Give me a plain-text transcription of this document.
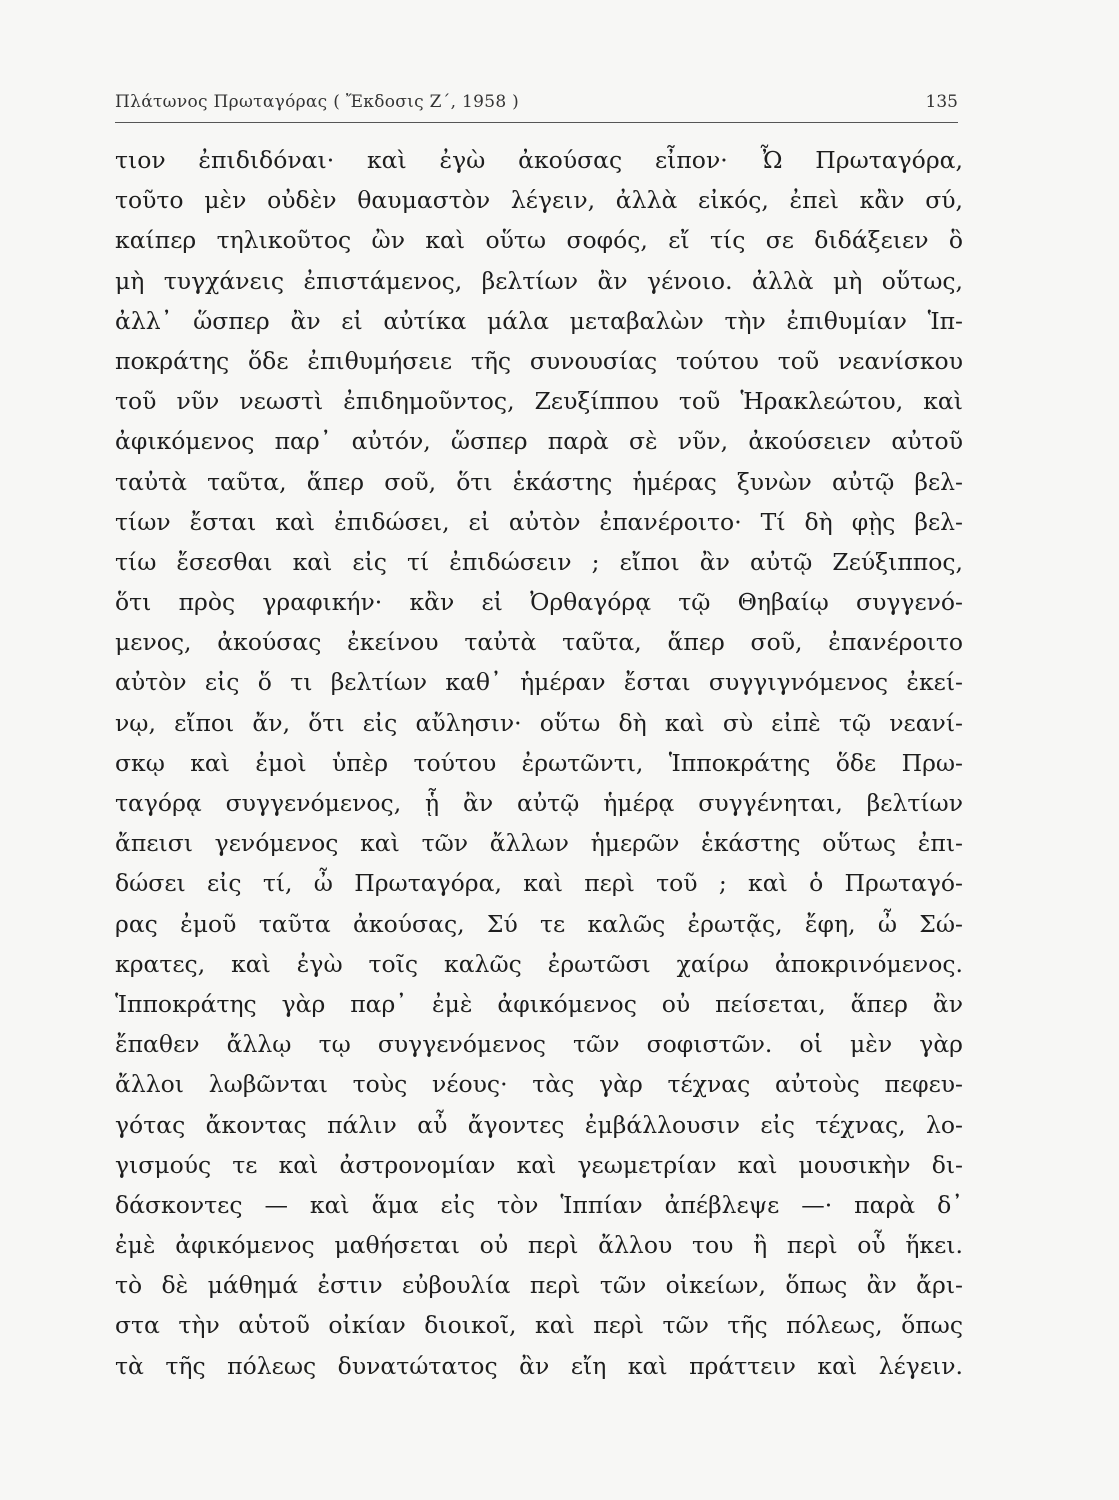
Πλάτωνος Πρωταγόρας ( Ἔκδοσις Ζ΄, 1958 )	135
τιον ἐπιδιδόναι· καὶ ἐγὼ ἀκούσας εἶπον· Ὦ Πρωταγόρα,
τοῦτο μὲν οὐδὲν θαυμαστὸν λέγειν, ἀλλὰ εἰκός, ἐπεὶ κἂν σύ,
καίπερ τηλικοῦτος ὢν καὶ οὕτω σοφός, εἴ τίς σε διδάξειεν ὃ
μὴ τυγχάνεις ἐπιστάμενος, βελτίων ἂν γένοιο. ἀλλὰ μὴ οὕτως,
ἀλλ᾽ ὥσπερ ἂν εἰ αὐτίκα μάλα μεταβαλὼν τὴν ἐπιθυμίαν Ἱπ-
ποκράτης ὅδε ἐπιθυμήσειε τῆς συνουσίας τούτου τοῦ νεανίσκου
τοῦ νῦν νεωστὶ ἐπιδημοῦντος, Ζευξίππου τοῦ Ἡρακλεώτου, καὶ
ἀφικόμενος παρ᾽ αὐτόν, ὥσπερ παρὰ σὲ νῦν, ἀκούσειεν αὐτοῦ
ταὐτὰ ταῦτα, ἅπερ σοῦ, ὅτι ἑκάστης ἡμέρας ξυνὼν αὐτῷ βελ-
τίων ἔσται καὶ ἐπιδώσει, εἰ αὐτὸν ἐπανέροιτο· Τί δὴ φῂς βελ-
τίω ἔσεσθαι καὶ εἰς τί ἐπιδώσειν ; εἴποι ἂν αὐτῷ Ζεύξιππος,
ὅτι πρὸς γραφικήν· κἂν εἰ Ὀρθαγόρᾳ τῷ Θηβαίῳ συγγενό-
μενος, ἀκούσας ἐκείνου ταὐτὰ ταῦτα, ἅπερ σοῦ, ἐπανέροιτο
αὐτὸν εἰς ὅ τι βελτίων καθ᾽ ἡμέραν ἔσται συγγιγνόμενος ἐκεί-
νῳ, εἴποι ἄν, ὅτι εἰς αὔλησιν· οὕτω δὴ καὶ σὺ εἰπὲ τῷ νεανί-
σκῳ καὶ ἐμοὶ ὑπὲρ τούτου ἐρωτῶντι, Ἱπποκράτης ὅδε Πρω-
ταγόρᾳ συγγενόμενος, ᾗ ἂν αὐτῷ ἡμέρᾳ συγγένηται, βελτίων
ἄπεισι γενόμενος καὶ τῶν ἄλλων ἡμερῶν ἑκάστης οὕτως ἐπι-
δώσει εἰς τί, ὦ Πρωταγόρα, καὶ περὶ τοῦ ; καὶ ὁ Πρωταγό-
ρας ἐμοῦ ταῦτα ἀκούσας, Σύ τε καλῶς ἐρωτᾷς, ἔφη, ὦ Σώ-
κρατες, καὶ ἐγὼ τοῖς καλῶς ἐρωτῶσι χαίρω ἀποκρινόμενος.
Ἱπποκράτης γὰρ παρ᾽ ἐμὲ ἀφικόμενος οὐ πείσεται, ἅπερ ἂν
ἔπαθεν ἄλλῳ τῳ συγγενόμενος τῶν σοφιστῶν. οἱ μὲν γὰρ
ἄλλοι λωβῶνται τοὺς νέους· τὰς γὰρ τέχνας αὐτοὺς πεφευ-
γότας ἄκοντας πάλιν αὖ ἄγοντες ἐμβάλλουσιν εἰς τέχνας, λο-
γισμούς τε καὶ ἀστρονομίαν καὶ γεωμετρίαν καὶ μουσικὴν δι-
δάσκοντες — καὶ ἅμα εἰς τὸν Ἱππίαν ἀπέβλεψε —· παρὰ δ᾽
ἐμὲ ἀφικόμενος μαθήσεται οὐ περὶ ἄλλου του ἢ περὶ οὗ ἥκει.
τὸ δὲ μάθημά ἐστιν εὐβουλία περὶ τῶν οἰκείων, ὅπως ἂν ἄρι-
στα τὴν αὑτοῦ οἰκίαν διοικοῖ, καὶ περὶ τῶν τῆς πόλεως, ὅπως
τὰ τῆς πόλεως δυνατώτατος ἂν εἴη καὶ πράττειν καὶ λέγειν.
